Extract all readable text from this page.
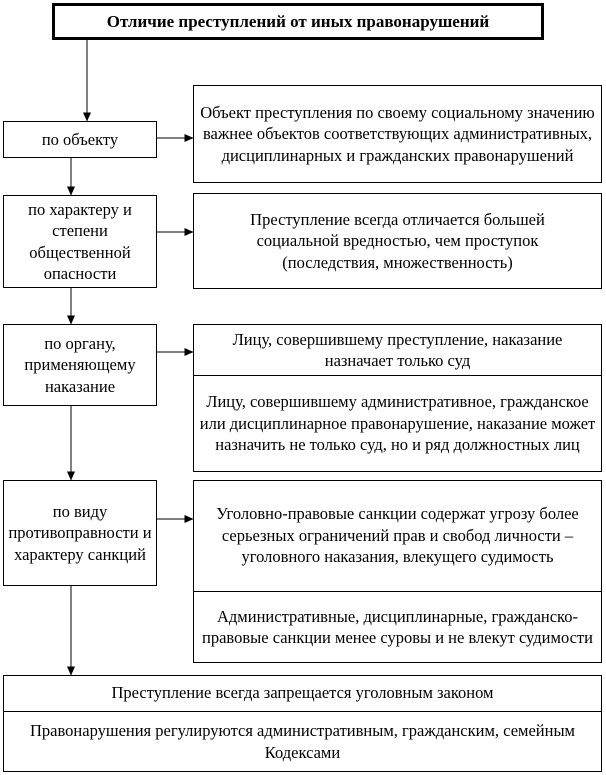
Отличие преступлений от иных правонарушений
по объекту
по характеру и степени общественной опасности
по органу, применяющему наказание
по виду противоправности и характеру санкций
Объект преступления по своему социальному значению важнее объектов соответствующих административных, дисциплинарных и гражданских правонарушений
Преступление всегда отличается большей социальной вредностью, чем проступок (последствия, множественность)
Лицу, совершившему преступление, наказание назначает только суд
Лицу, совершившему административное, гражданское или дисциплинарное правонарушение, наказание может назначить не только суд, но и ряд должностных лиц
Уголовно-правовые санкции содержат угрозу более серьезных ограничений прав и свобод личности – уголовного наказания, влекущего судимость
Административные, дисциплинарные, гражданско-правовые санкции менее суровы и не влекут судимости
Преступление всегда запрещается уголовным законом
Правонарушения регулируются административным, гражданским, семейным Кодексами
